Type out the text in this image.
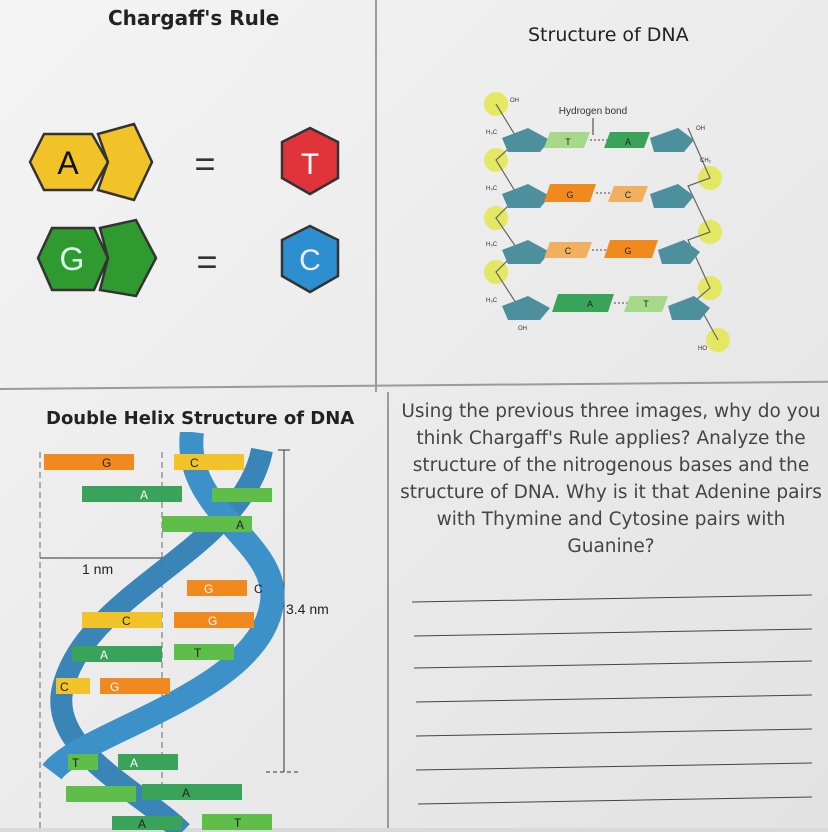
Chargaff's Rule
A	=	T
G	=	C
Structure of DNA
Hydrogen bond
T	A
G	C
C	G
A	T
OH
H₃C
OH
CH₂
H₃C
H₃C
H₃C
OH
HO
Double Helix Structure of DNA
3.4 nm
1 nm
G	C
A
A
G	C
C	G
A	T
C	G
T	A
A
A	T
Using the previous three images, why do you
think Chargaff's Rule applies? Analyze the
structure of the nitrogenous bases and the
structure of DNA. Why is it that Adenine pairs
with Thymine and Cytosine pairs with
Guanine?
